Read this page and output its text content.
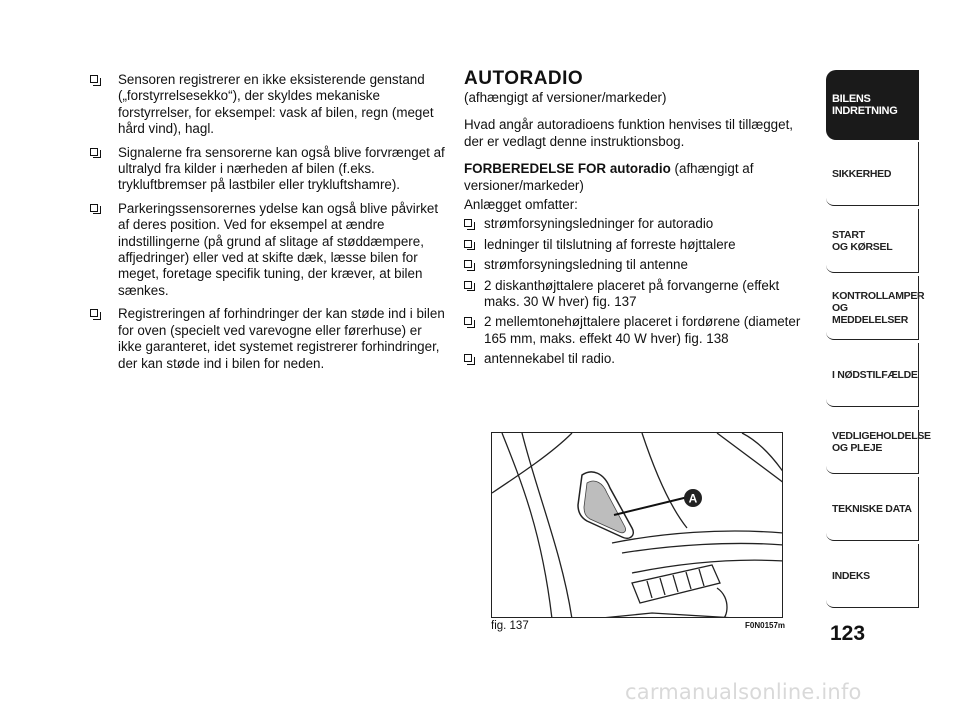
Sensoren registrerer en ikke eksisterende genstand („forstyrrelsesekko“), der skyldes mekaniske forstyrrelser, for eksempel: vask af bilen, regn (meget hård vind), hagl.
Signalerne fra sensorerne kan også blive forvrænget af ultralyd fra kilder i nærheden af bilen (f.eks. trykluftbremser på lastbiler eller trykluftshamre).
Parkeringssensorernes ydelse kan også blive påvirket af deres position. Ved for eksempel at ændre indstillingerne (på grund af slitage af støddæmpere, affjedringer) eller ved at skifte dæk, læsse bilen for meget, foretage specifik tuning, der kræver, at bilen sænkes.
Registreringen af forhindringer der kan støde ind i bilen for oven (specielt ved varevogne eller førerhuse) er ikke garanteret, idet systemet registrerer forhindringer, der kan støde ind i bilen for neden.
AUTORADIO

(afhængigt af versioner/markeder)

Hvad angår autoradioens funktion henvises til tillægget, der er vedlagt denne instruktionsbog.

FORBEREDELSE FOR autoradio (afhængigt af versioner/markeder)

Anlægget omfatter:

strømforsyningsledninger for autoradio
ledninger til tilslutning af forreste højttalere
strømforsyningsledning til antenne
2 diskanthøjttalere placeret på forvangerne (effekt maks. 30 W hver) fig. 137
2 mellemtonehøjttalere placeret i fordørene (diameter 165 mm, maks. effekt 40 W hver) fig. 138
antennekabel til radio.
A
fig. 137	F0N0157m
BILENS
INDRETNING
SIKKERHED
START
OG KØRSEL
KONTROLLAMPER
OG MEDDELELSER
I NØDSTILFÆLDE
VEDLIGEHOLDELSE
OG PLEJE
TEKNISKE DATA
INDEKS
123
carmanualsonline.info
